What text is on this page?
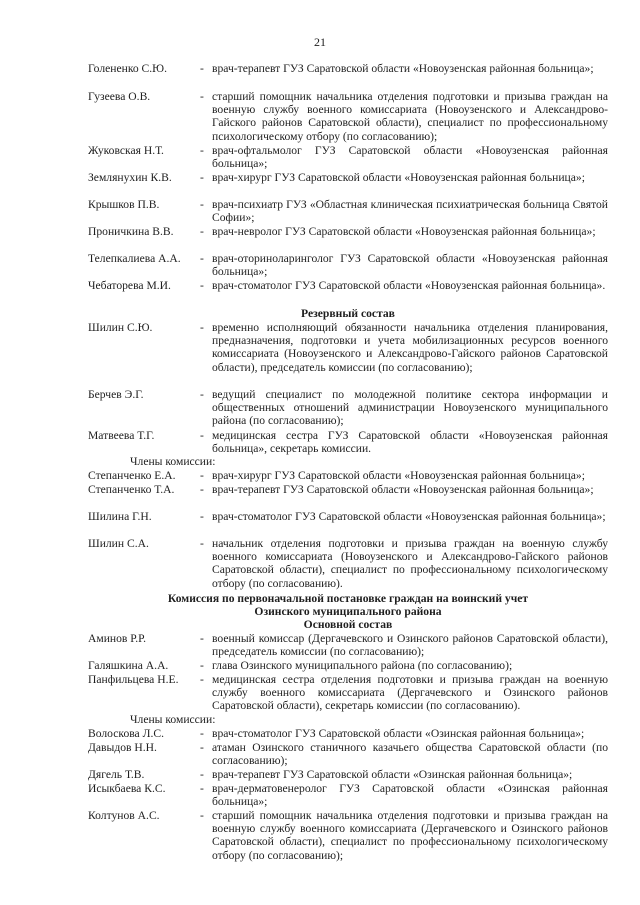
21
Голененко С.Ю.	- врач-терапевт ГУЗ Саратовской области «Новоузенская районная больница»;
Гузеева О.В.	- старший помощник начальника отделения подготовки и призыва граждан на военную службу военного комиссариата (Новоузенского и Александрово-Гайского районов Саратовской области), специалист по профессиональному психологическому отбору (по согласованию);
Жуковская Н.Т.	- врач-офтальмолог ГУЗ Саратовской области «Новоузенская районная больница»;
Землянухин К.В. - врач-хирург ГУЗ Саратовской области «Новоузенская районная больница»;
Крышков П.В.	- врач-психиатр ГУЗ «Областная клиническая психиатрическая больница Святой Софии»;
Проничкина В.В. - врач-невролог ГУЗ Саратовской области «Новоузенская районная больница»;
Телепкалиева А.А. - врач-оториноларинголог ГУЗ Саратовской области «Новоузенская районная больница»;
Чебаторева М.И.	- врач-стоматолог ГУЗ Саратовской области «Новоузенская районная больница».
Резервный состав
Шилин С.Ю.	- временно исполняющий обязанности начальника отделения планирования, предназначения, подготовки и учета мобилизационных ресурсов военного комиссариата (Новоузенского и Александрово-Гайского районов Саратовской области), председатель комиссии (по согласованию);
Берчев Э.Г.	- ведущий специалист по молодежной политике сектора информации и общественных отношений администрации Новоузенского муниципального района (по согласованию);
Матвеева Т.Г.	- медицинская сестра ГУЗ Саратовской области «Новоузенская районная больница», секретарь комиссии.
Члены комиссии:
Степанченко Е.А. - врач-хирург ГУЗ Саратовской области «Новоузенская районная больница»;
Степанченко Т.А. - врач-терапевт ГУЗ Саратовской области «Новоузенская районная больница»;
Шилина Г.Н.	- врач-стоматолог ГУЗ Саратовской области «Новоузенская районная больница»;
Шилин С.А.	- начальник отделения подготовки и призыва граждан на военную службу военного комиссариата (Новоузенского и Александрово-Гайского районов Саратовской области), специалист по профессиональному психологическому отбору (по согласованию).
Комиссия по первоначальной постановке граждан на воинский учет
Озинского муниципального района
Основной состав
Аминов Р.Р.	- военный комиссар (Дергачевского и Озинского районов Саратовской области), председатель комиссии (по согласованию);
Галяшкина А.А.	- глава Озинского муниципального района (по согласованию);
Панфильцева Н.Е. - медицинская сестра отделения подготовки и призыва граждан на военную службу военного комиссариата (Дергачевского и Озинского районов Саратовской области), секретарь комиссии (по согласованию).
Члены комиссии:
Волоскова Л.С.	- врач-стоматолог ГУЗ Саратовской области «Озинская районная больница»;
Давыдов Н.Н.	- атаман Озинского станичного казачьего общества Саратовской области (по согласованию);
Дягель Т.В.	- врач-терапевт ГУЗ Саратовской области «Озинская районная больница»;
Исыкбаева К.С.	- врач-дерматовенеролог ГУЗ Саратовской области «Озинская районная больница»;
Колтунов А.С.	- старший помощник начальника отделения подготовки и призыва граждан на военную службу военного комиссариата (Дергачевского и Озинского районов Саратовской области), специалист по профессиональному психологическому отбору (по согласованию);
